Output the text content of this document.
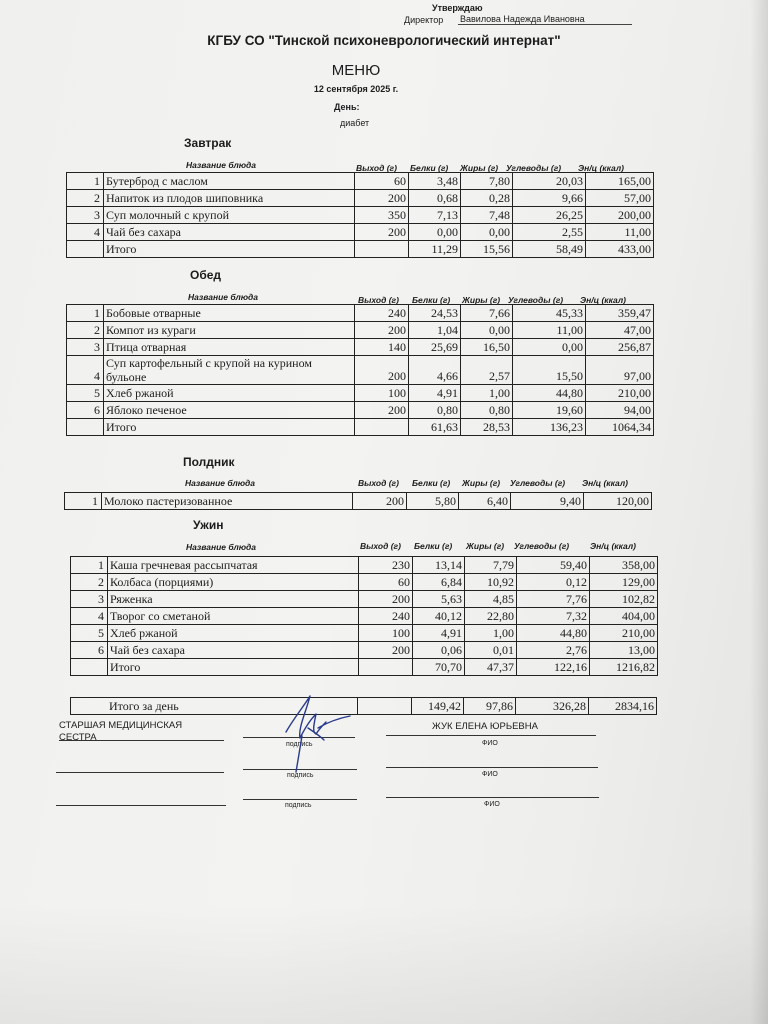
Утверждаю
Директор Вавилова Надежда Ивановна
КГБУ СО "Тинской психоневрологический интернат"
МЕНЮ
12 сентября 2025 г.
День:
диабет
Завтрак
Название блюда	Выход (г) Белки (г) Жиры (г) Углеводы (г) Эн/ц (ккал)
1	Бутерброд с маслом	60	3,48	7,80	20,03	165,00
2	Напиток из плодов шиповника	200	0,68	0,28	9,66	57,00
3	Суп молочный с крупой	350	7,13	7,48	26,25	200,00
4	Чай без сахара	200	0,00	0,00	2,55	11,00
	Итого		11,29	15,56	58,49	433,00
Обед
Название блюда	Выход (г) Белки (г) Жиры (г) Углеводы (г) Эн/ц (ккал)
1	Бобовые отварные	240	24,53	7,66	45,33	359,47
2	Компот из кураги	200	1,04	0,00	11,00	47,00
3	Птица отварная	140	25,69	16,50	0,00	256,87
4	Суп картофельный с крупой на курином бульоне	200	4,66	2,57	15,50	97,00
5	Хлеб ржаной	100	4,91	1,00	44,80	210,00
6	Яблоко печеное	200	0,80	0,80	19,60	94,00
	Итого		61,63	28,53	136,23	1064,34
Полдник
Название блюда	Выход (г) Белки (г) Жиры (г) Углеводы (г) Эн/ц (ккал)
1	Молоко пастеризованное	200	5,80	6,40	9,40	120,00
Ужин
Название блюда	Выход (г) Белки (г) Жиры (г) Углеводы (г) Эн/ц (ккал)
1	Каша гречневая рассыпчатая	230	13,14	7,79	59,40	358,00
2	Колбаса (порциями)	60	6,84	10,92	0,12	129,00
3	Ряженка	200	5,63	4,85	7,76	102,82
4	Творог со сметаной	240	40,12	22,80	7,32	404,00
5	Хлеб ржаной	100	4,91	1,00	44,80	210,00
6	Чай без сахара	200	0,06	0,01	2,76	13,00
	Итого		70,70	47,37	122,16	1216,82
	Итого за день		149,42	97,86	326,28	2834,16
СТАРШАЯ МЕДИЦИНСКАЯ СЕСТРА
ЖУК ЕЛЕНА ЮРЬЕВНА
подпись	ФИО
подпись	ФИО
подпись	ФИО
